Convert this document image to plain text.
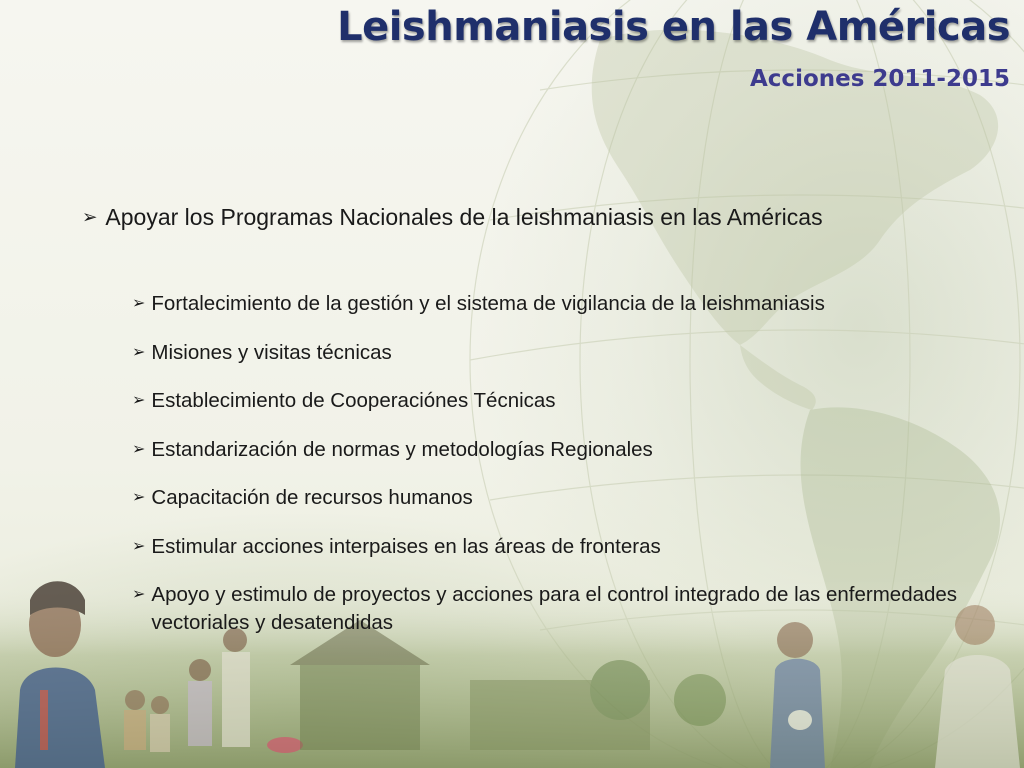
Leishmaniasis en las Américas
Acciones 2011-2015
➢ Apoyar los Programas Nacionales de la leishmaniasis en las Américas
➢ Fortalecimiento de la gestión y el sistema de vigilancia de la leishmaniasis
➢ Misiones y visitas técnicas
➢ Establecimiento de Cooperaciónes Técnicas
➢ Estandarización de normas y metodologías Regionales
➢ Capacitación de recursos humanos
➢ Estimular acciones interpaises en las áreas de fronteras
➢ Apoyo y estimulo de proyectos y acciones para el control integrado de las enfermedades vectoriales y desatendidas
